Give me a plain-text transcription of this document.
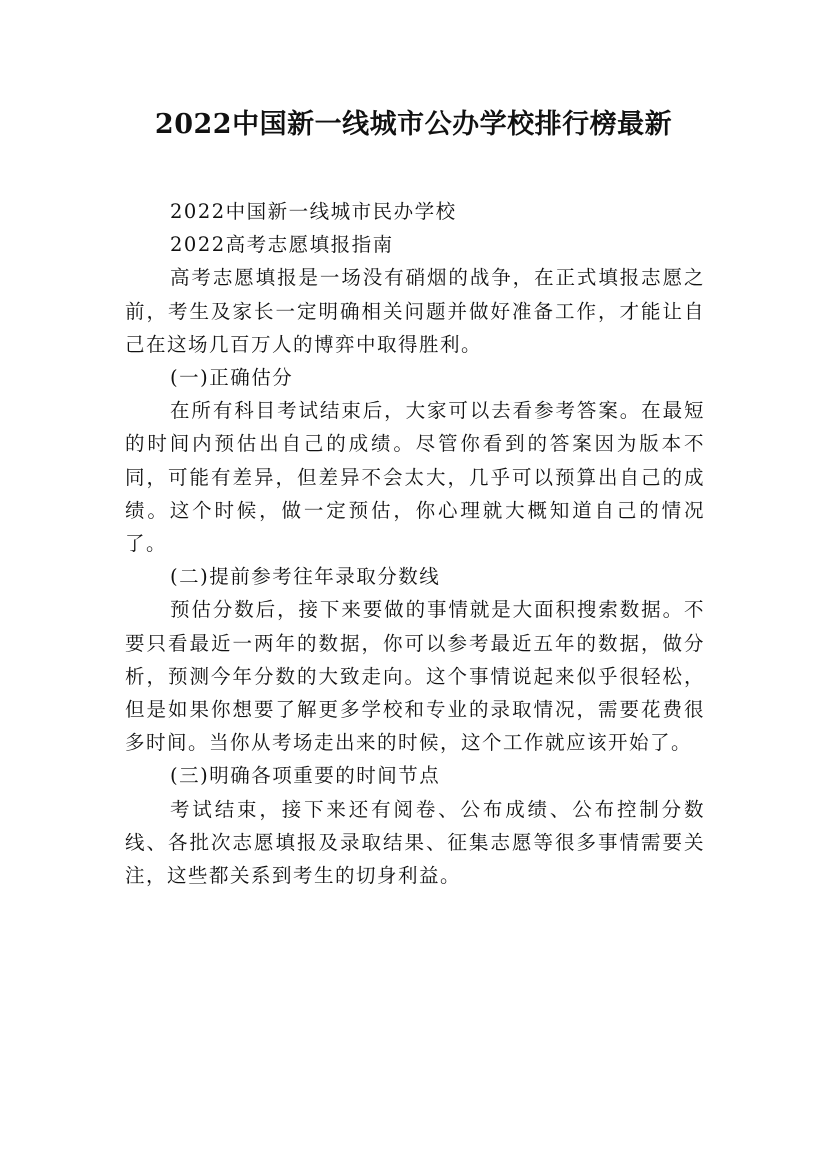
2022中国新一线城市公办学校排行榜最新

2022中国新一线城市民办学校

2022高考志愿填报指南

高考志愿填报是一场没有硝烟的战争，在正式填报志愿之前，考生及家长一定明确相关问题并做好准备工作，才能让自己在这场几百万人的博弈中取得胜利。

(一)正确估分

在所有科目考试结束后，大家可以去看参考答案。在最短的时间内预估出自己的成绩。尽管你看到的答案因为版本不同，可能有差异，但差异不会太大，几乎可以预算出自己的成绩。这个时候，做一定预估，你心理就大概知道自己的情况了。

(二)提前参考往年录取分数线

预估分数后，接下来要做的事情就是大面积搜索数据。不要只看最近一两年的数据，你可以参考最近五年的数据，做分析，预测今年分数的大致走向。这个事情说起来似乎很轻松，但是如果你想要了解更多学校和专业的录取情况，需要花费很多时间。当你从考场走出来的时候，这个工作就应该开始了。

(三)明确各项重要的时间节点

考试结束，接下来还有阅卷、公布成绩、公布控制分数线、各批次志愿填报及录取结果、征集志愿等很多事情需要关注，这些都关系到考生的切身利益。
